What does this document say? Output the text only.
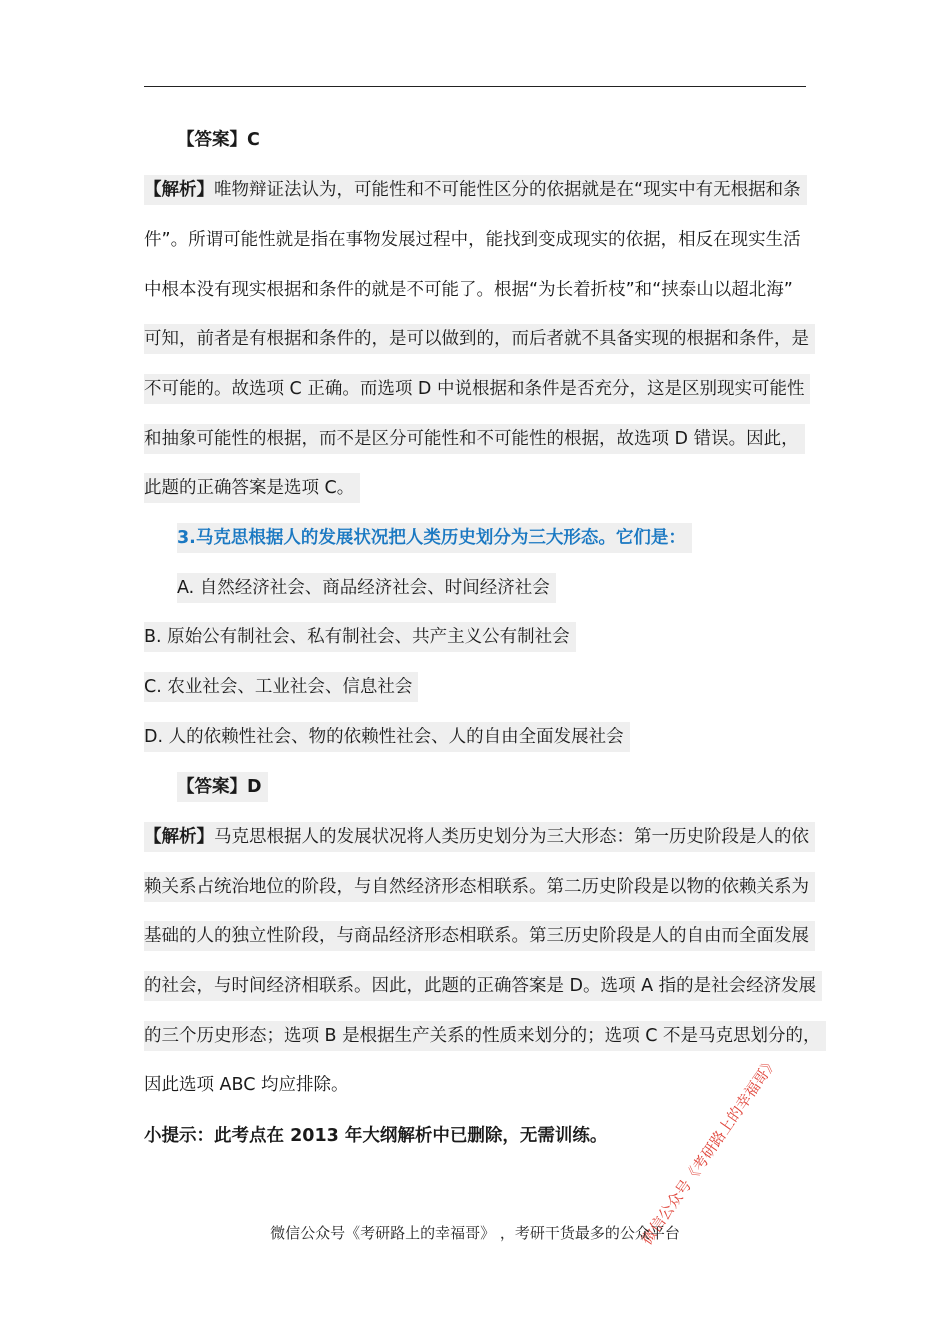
【答案】C
【解析】唯物辩证法认为，可能性和不可能性区分的依据就是在“现实中有无根据和条
件”。所谓可能性就是指在事物发展过程中，能找到变成现实的依据，相反在现实生活
中根本没有现实根据和条件的就是不可能了。根据“为长着折枝”和“挟泰山以超北海”
可知，前者是有根据和条件的，是可以做到的，而后者就不具备实现的根据和条件，是
不可能的。故选项 C 正确。而选项 D 中说根据和条件是否充分，这是区别现实可能性
和抽象可能性的根据，而不是区分可能性和不可能性的根据，故选项 D 错误。因此，
此题的正确答案是选项 C。
3.马克思根据人的发展状况把人类历史划分为三大形态。它们是：
A. 自然经济社会、商品经济社会、时间经济社会
B. 原始公有制社会、私有制社会、共产主义公有制社会
C. 农业社会、工业社会、信息社会
D. 人的依赖性社会、物的依赖性社会、人的自由全面发展社会
【答案】D
【解析】马克思根据人的发展状况将人类历史划分为三大形态：第一历史阶段是人的依
赖关系占统治地位的阶段，与自然经济形态相联系。第二历史阶段是以物的依赖关系为
基础的人的独立性阶段，与商品经济形态相联系。第三历史阶段是人的自由而全面发展
的社会，与时间经济相联系。因此，此题的正确答案是 D。选项 A 指的是社会经济发展
的三个历史形态；选项 B 是根据生产关系的性质来划分的；选项 C 不是马克思划分的，
因此选项 ABC 均应排除。
小提示：此考点在 2013 年大纲解析中已删除，无需训练。	微信公众号《考研路上的幸福哥》
微信公众号《考研路上的幸福哥》 ，考研干货最多的公众平台
